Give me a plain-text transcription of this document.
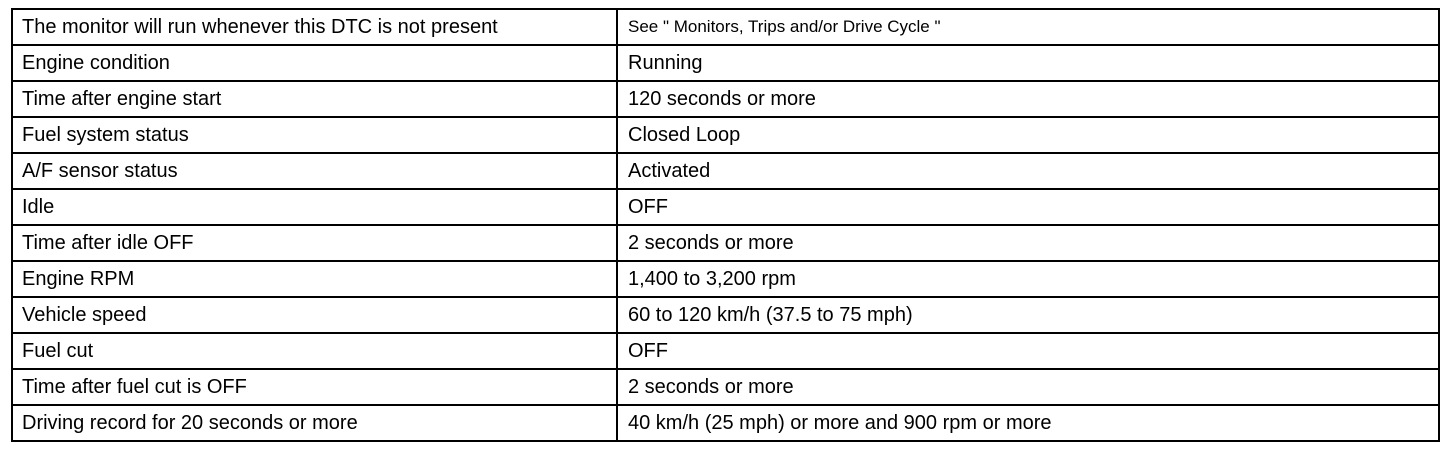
The monitor will run whenever this DTC is not present	See " Monitors, Trips and/or Drive Cycle "
Engine condition	Running
Time after engine start	120 seconds or more
Fuel system status	Closed Loop
A/F sensor status	Activated
Idle	OFF
Time after idle OFF	2 seconds or more
Engine RPM	1,400 to 3,200 rpm
Vehicle speed	60 to 120 km/h (37.5 to 75 mph)
Fuel cut	OFF
Time after fuel cut is OFF	2 seconds or more
Driving record for 20 seconds or more	40 km/h (25 mph) or more and 900 rpm or more
